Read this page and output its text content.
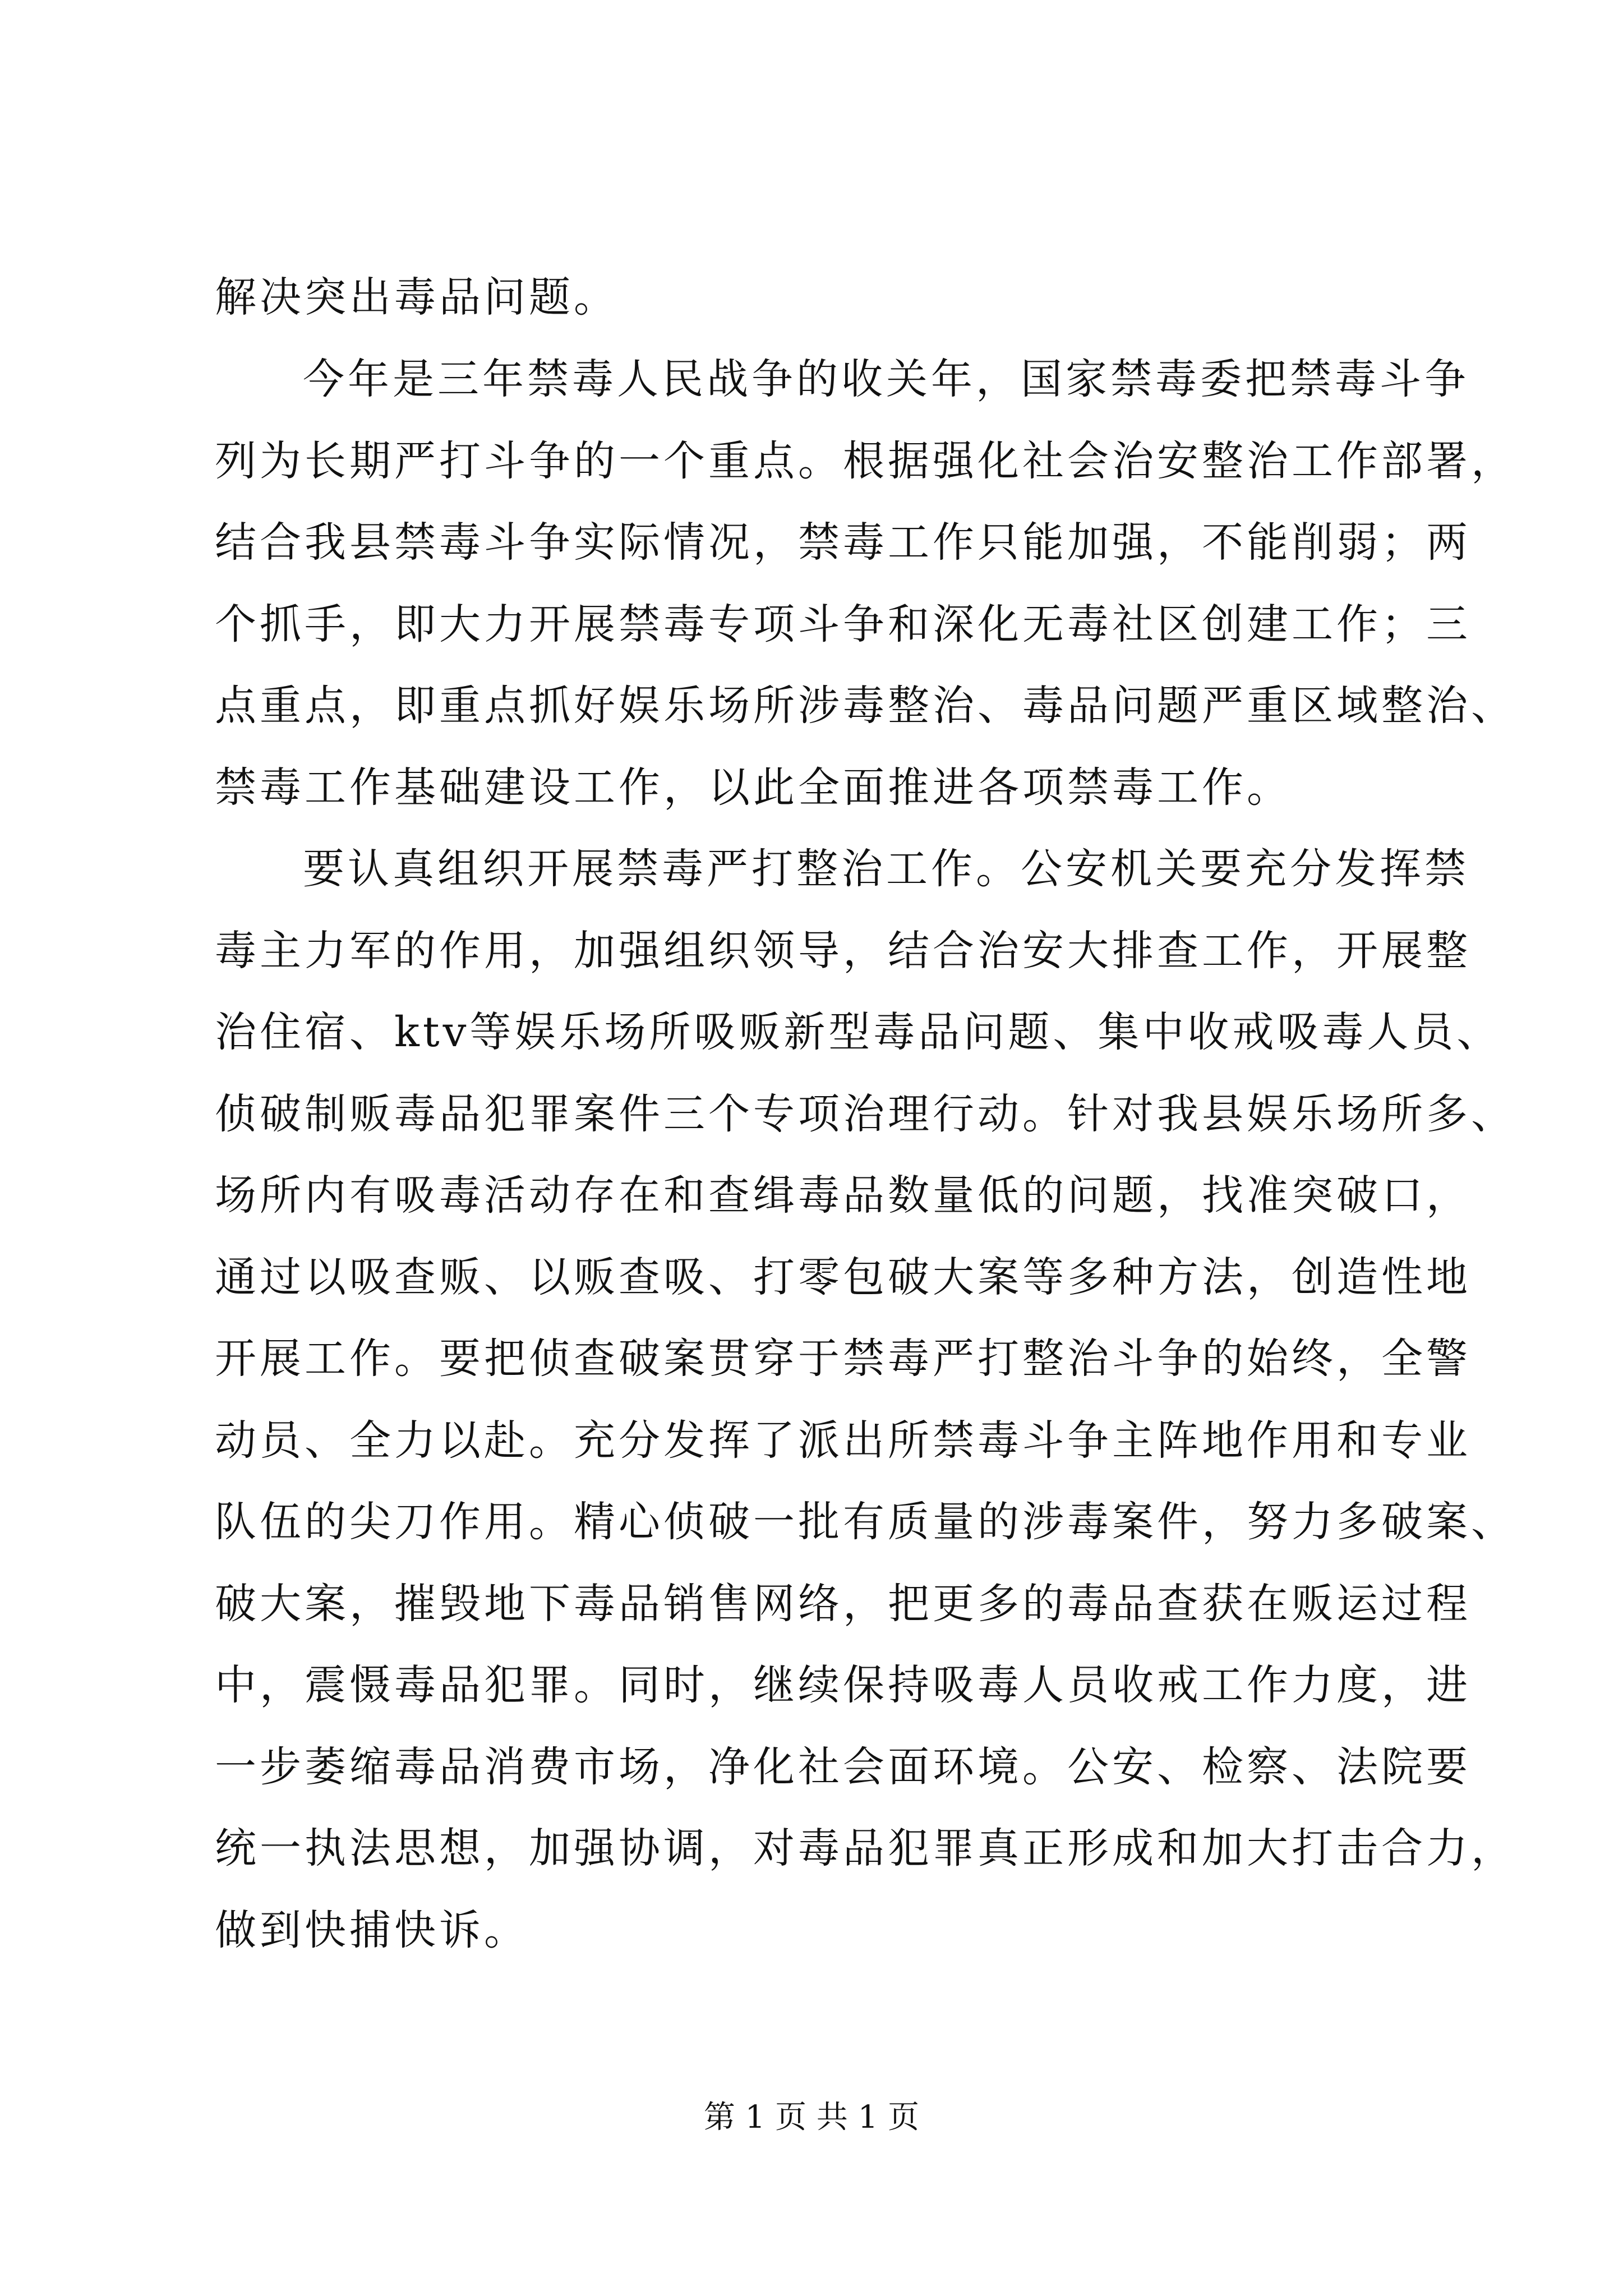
解决突出毒品问题。
今年是三年禁毒人民战争的收关年，国家禁毒委把禁毒斗争
列为长期严打斗争的一个重点。根据强化社会治安整治工作部署，
结合我县禁毒斗争实际情况，禁毒工作只能加强，不能削弱；两
个抓手，即大力开展禁毒专项斗争和深化无毒社区创建工作；三
点重点，即重点抓好娱乐场所涉毒整治、毒品问题严重区域整治、
禁毒工作基础建设工作，以此全面推进各项禁毒工作。
要认真组织开展禁毒严打整治工作。公安机关要充分发挥禁
毒主力军的作用，加强组织领导，结合治安大排查工作，开展整
治住宿、ktv等娱乐场所吸贩新型毒品问题、集中收戒吸毒人员、
侦破制贩毒品犯罪案件三个专项治理行动。针对我县娱乐场所多、
场所内有吸毒活动存在和查缉毒品数量低的问题，找准突破口，
通过以吸查贩、以贩查吸、打零包破大案等多种方法，创造性地
开展工作。要把侦查破案贯穿于禁毒严打整治斗争的始终，全警
动员、全力以赴。充分发挥了派出所禁毒斗争主阵地作用和专业
队伍的尖刀作用。精心侦破一批有质量的涉毒案件，努力多破案、
破大案，摧毁地下毒品销售网络，把更多的毒品查获在贩运过程
中，震慑毒品犯罪。同时，继续保持吸毒人员收戒工作力度，进
一步萎缩毒品消费市场，净化社会面环境。公安、检察、法院要
统一执法思想，加强协调，对毒品犯罪真正形成和加大打击合力，
做到快捕快诉。
第 1 页 共 1 页
